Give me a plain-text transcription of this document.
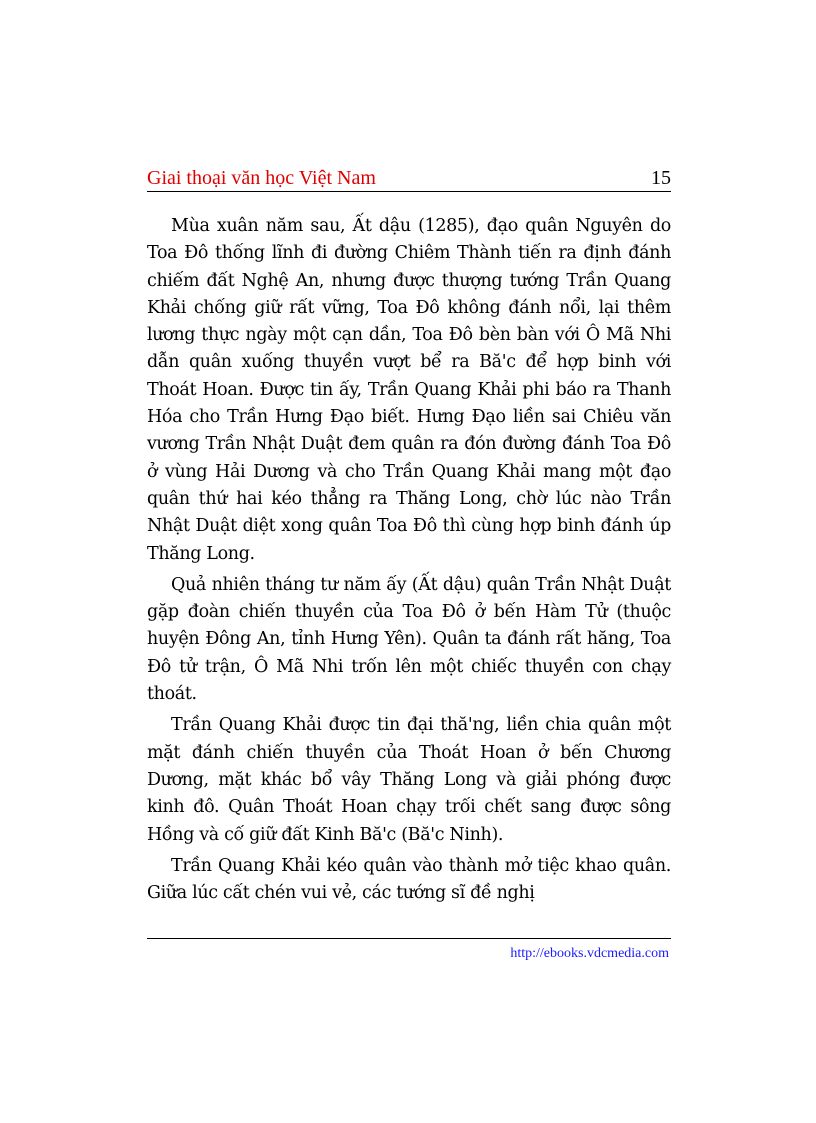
Giai thoại văn học Việt Nam	15

Mùa xuân năm sau, Ất dậu (1285), đạo quân Nguyên do Toa Đô thống lĩnh đi đường Chiêm Thành tiến ra định đánh chiếm đất Nghệ An, nhưng được thượng tướng Trần Quang Khải chống giữ rất vững, Toa Đô không đánh nổi, lại thêm lương thực ngày một cạn dần, Toa Đô bèn bàn với Ô Mã Nhi dẫn quân xuống thuyền vượt bể ra Bă'c để hợp binh với Thoát Hoan. Được tin ấy, Trần Quang Khải phi báo ra Thanh Hóa cho Trần Hưng Đạo biết. Hưng Đạo liền sai Chiêu văn vương Trần Nhật Duật đem quân ra đón đường đánh Toa Đô ở vùng Hải Dương và cho Trần Quang Khải mang một đạo quân thứ hai kéo thẳng ra Thăng Long, chờ lúc nào Trần Nhật Duật diệt xong quân Toa Đô thì cùng hợp binh đánh úp Thăng Long.

Quả nhiên tháng tư năm ấy (Ất dậu) quân Trần Nhật Duật gặp đoàn chiến thuyền của Toa Đô ở bến Hàm Tử (thuộc huyện Đông An, tỉnh Hưng Yên). Quân ta đánh rất hăng, Toa Đô tử trận, Ô Mã Nhi trốn lên một chiếc thuyền con chạy thoát.

Trần Quang Khải được tin đại thă'ng, liền chia quân một mặt đánh chiến thuyền của Thoát Hoan ở bến Chương Dương, mặt khác bổ vây Thăng Long và giải phóng được kinh đô. Quân Thoát Hoan chạy trối chết sang được sông Hồng và cố giữ đất Kinh Bă'c (Bă'c Ninh).

Trần Quang Khải kéo quân vào thành mở tiệc khao quân. Giữa lúc cất chén vui vẻ, các tướng sĩ đề nghị

http://ebooks.vdcmedia.com
